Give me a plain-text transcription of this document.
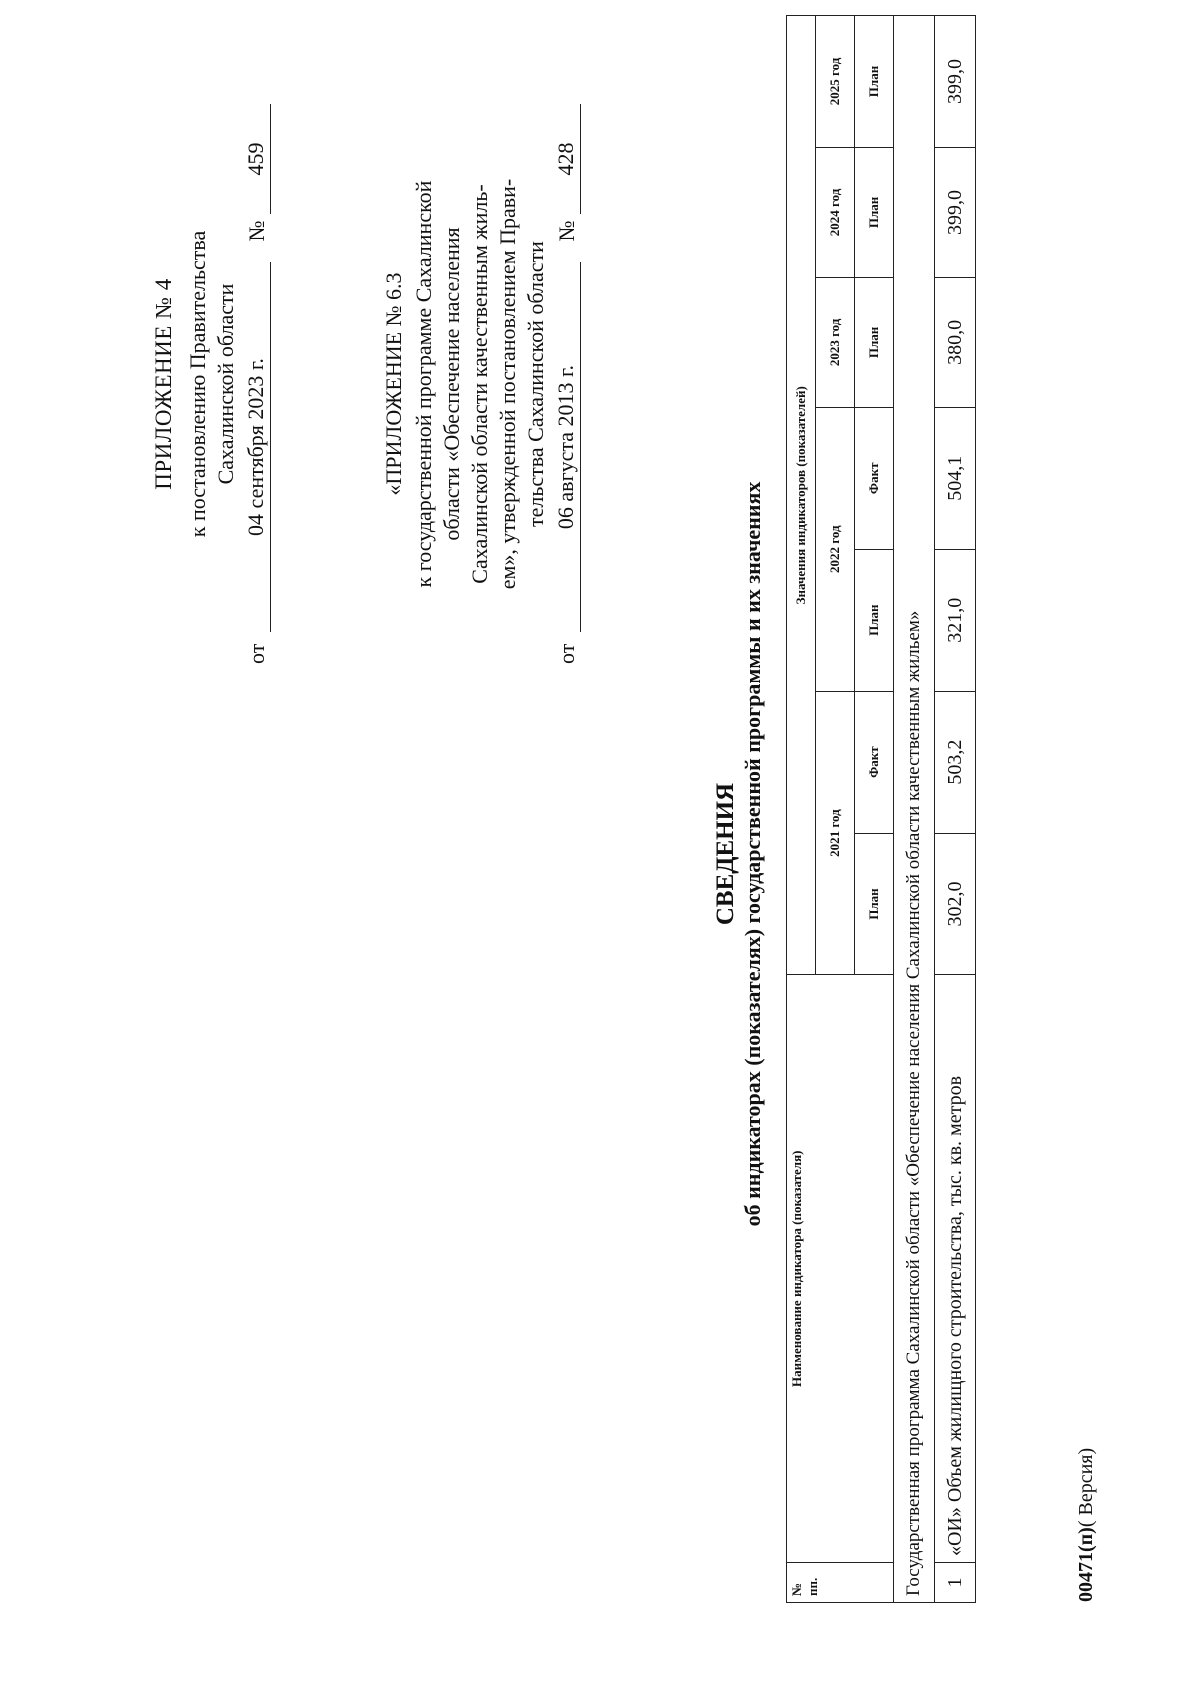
ПРИЛОЖЕНИЕ № 4 к постановлению Правительства Сахалинской области
от
04 сентября 2023 г.
№
459
«ПРИЛОЖЕНИЕ № 6.3 к государственной программе Сахалинской области «Обеспечение населения Сахалинской области качественным жиль- ем», утвержденной постановлением Прави- тельства Сахалинской области
от
06 августа 2013 г.
№
428
СВЕДЕНИЯ об индикаторах (показателях) государственной программы и их значениях
№ пп.	Наименование индикатора (показателя)	Значения индикаторов (показателей)						
		2021 год		2022 год		2023 год	2024 год	2025 год
		План	Факт	План	Факт	План	План	План
Государственная программа Сахалинской области «Обеспечение населения Сахалинской области качественным жильем»								
1	«ОИ» Объем жилищного строительства, тыс. кв. метров	302,0	503,2	321,0	504,1	380,0	399,0	399,0
00471(п)( Версия)
